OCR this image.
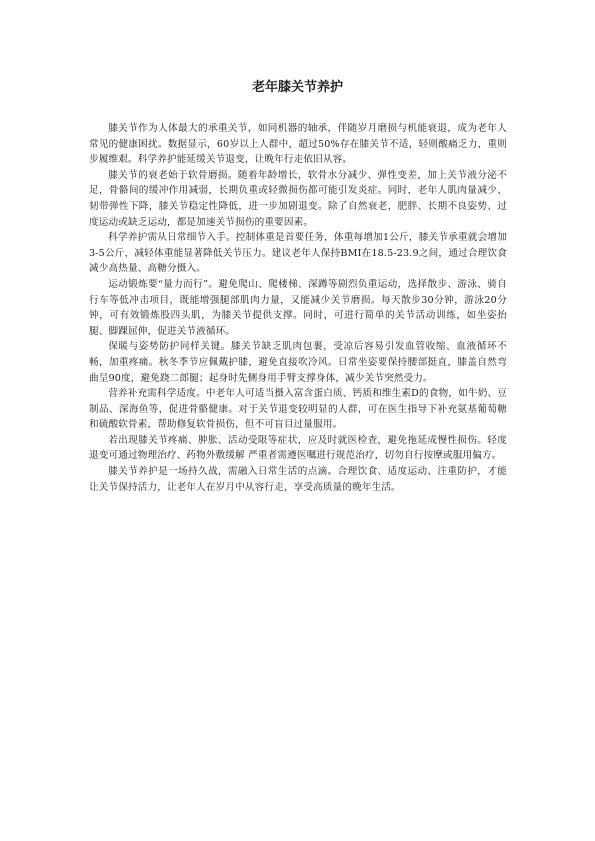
老年膝关节养护

膝关节作为人体最大的承重关节，如同机器的轴承，伴随岁月磨损与机能衰退，成为老年人常见的健康困扰。数据显示，60岁以上人群中，超过50%存在膝关节不适，轻则酸痛乏力，重则步履维艰。科学养护能延缓关节退变，让晚年行走依旧从容。

膝关节的衰老始于软骨磨损。随着年龄增长，软骨水分减少、弹性变差，加上关节液分泌不足，骨骼间的缓冲作用减弱，长期负重或轻微损伤都可能引发炎症。同时，老年人肌肉量减少、韧带弹性下降，膝关节稳定性降低，进一步加剧退变。除了自然衰老，肥胖、长期不良姿势、过度运动或缺乏运动，都是加速关节损伤的重要因素。

科学养护需从日常细节入手。控制体重是首要任务，体重每增加1公斤，膝关节承重就会增加3-5公斤，减轻体重能显著降低关节压力。建议老年人保持BMI在18.5-23.9之间，通过合理饮食减少高热量、高糖分摄入。

运动锻炼要“量力而行”。避免爬山、爬楼梯、深蹲等剧烈负重运动，选择散步、游泳、骑自行车等低冲击项目，既能增强腿部肌肉力量，又能减少关节磨损。每天散步30分钟，游泳20分钟，可有效锻炼股四头肌，为膝关节提供支撑。同时，可进行简单的关节活动训练，如坐姿抬腿、脚踝屈伸，促进关节液循环。

保暖与姿势防护同样关键。膝关节缺乏肌肉包裹，受凉后容易引发血管收缩、血液循环不畅，加重疼痛。秋冬季节应佩戴护膝，避免直接吹冷风。日常坐姿要保持腰部挺直，膝盖自然弯曲呈90度，避免跷二郎腿；起身时先侧身用手臂支撑身体，减少关节突然受力。

营养补充需科学适度。中老年人可适当摄入富含蛋白质、钙质和维生素D的食物，如牛奶、豆制品、深海鱼等，促进骨骼健康。对于关节退变较明显的人群，可在医生指导下补充氨基葡萄糖和硫酸软骨素，帮助修复软骨损伤，但不可盲目过量服用。

若出现膝关节疼痛、肿胀、活动受限等症状，应及时就医检查，避免拖延成慢性损伤。轻度退变可通过物理治疗、药物外敷缓解 严重者需遵医嘱进行规范治疗，切勿自行按摩或服用偏方。

膝关节养护是一场持久战，需融入日常生活的点滴。合理饮食、适度运动、注重防护，才能让关节保持活力，让老年人在岁月中从容行走，享受高质量的晚年生活。
